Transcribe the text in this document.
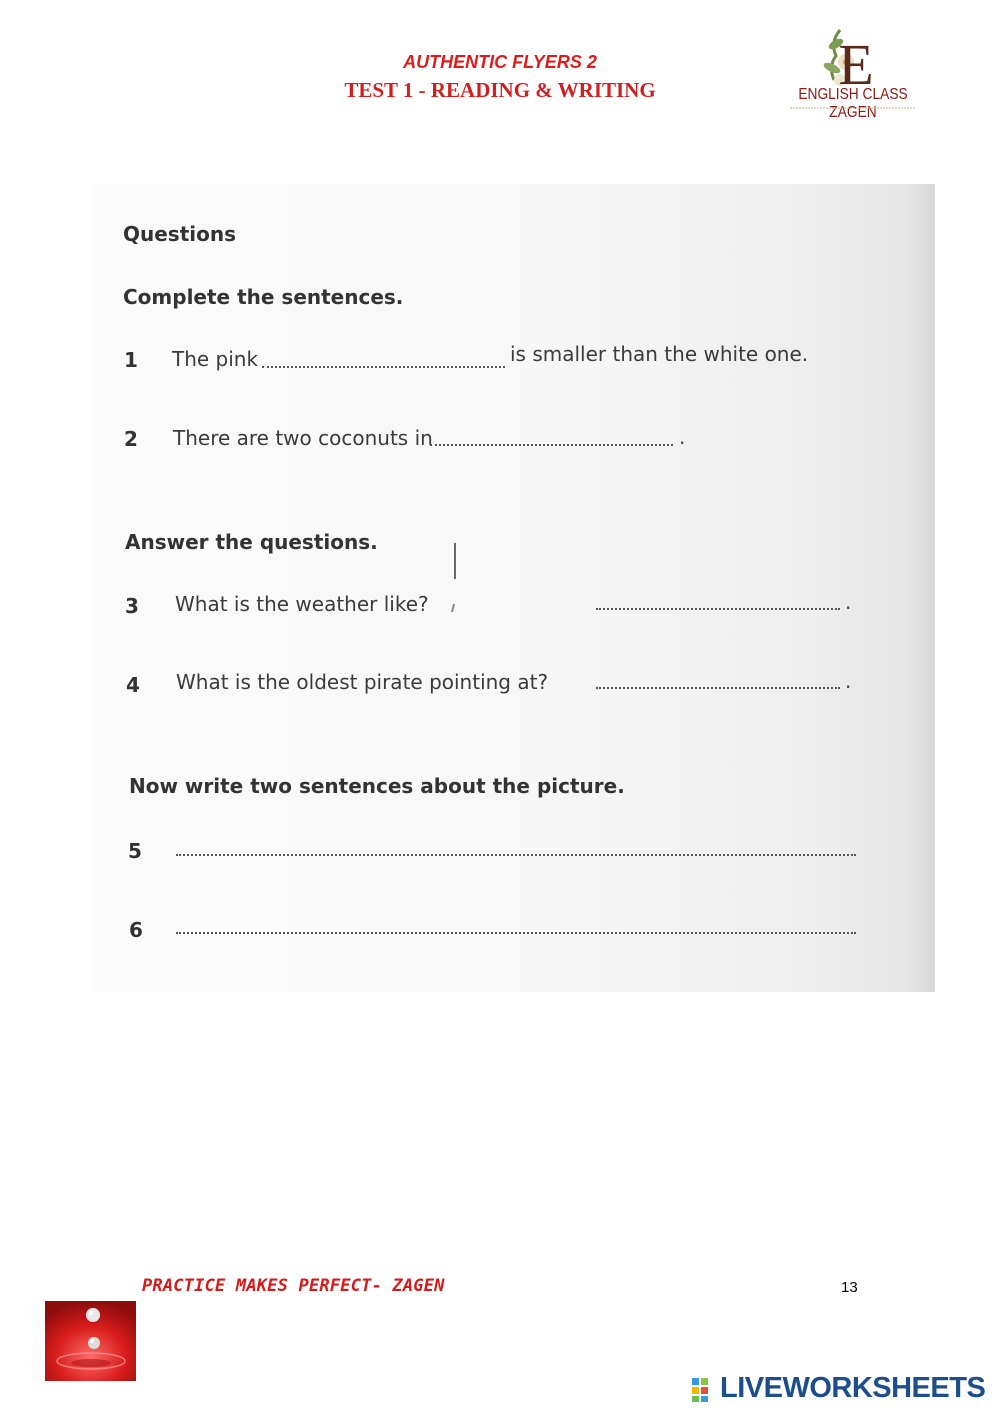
AUTHENTIC FLYERS 2
TEST 1 - READING & WRITING	E
ENGLISH CLASS ZAGEN
Questions
Complete the sentences.
1 The pink	is smaller than the white one.
2 There are two coconuts in	.
Answer the questions.
3 What is the weather like?	.
4 What is the oldest pirate pointing at?	.
Now write two sentences about the picture.
5
6
PRACTICE MAKES PERFECT- ZAGEN	13
LIVEWORKSHEETS
